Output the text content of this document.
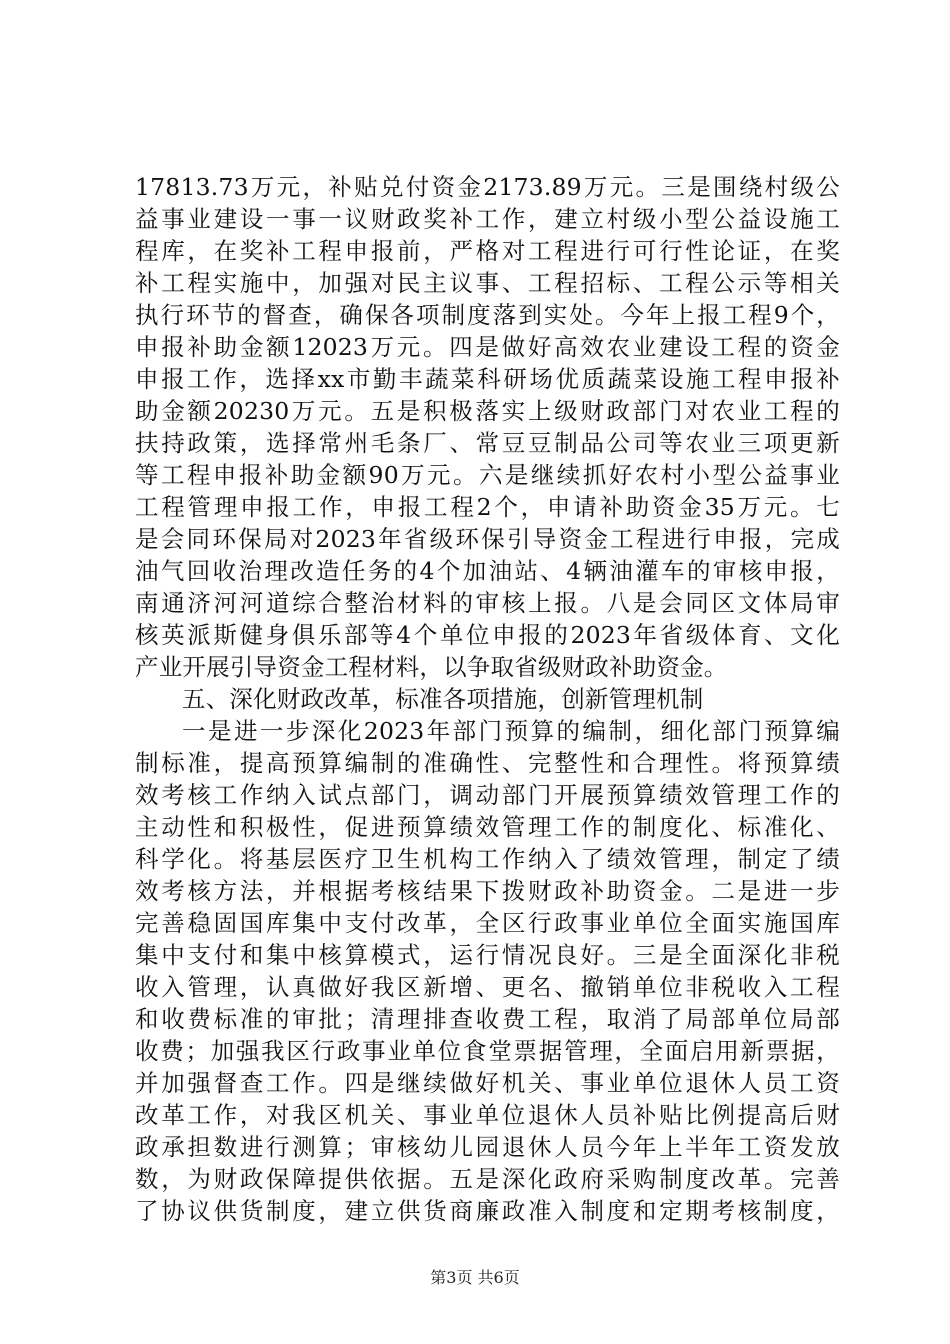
17813.73万元，补贴兑付资金2173.89万元。三是围绕村级公
益事业建设一事一议财政奖补工作，建立村级小型公益设施工
程库，在奖补工程申报前，严格对工程进行可行性论证，在奖
补工程实施中，加强对民主议事、工程招标、工程公示等相关
执行环节的督查，确保各项制度落到实处。今年上报工程9个，
申报补助金额12023万元。四是做好高效农业建设工程的资金
申报工作，选择xx市勤丰蔬菜科研场优质蔬菜设施工程申报补
助金额20230万元。五是积极落实上级财政部门对农业工程的
扶持政策，选择常州毛条厂、常豆豆制品公司等农业三项更新
等工程申报补助金额90万元。六是继续抓好农村小型公益事业
工程管理申报工作，申报工程2个，申请补助资金35万元。七
是会同环保局对2023年省级环保引导资金工程进行申报，完成
油气回收治理改造任务的4个加油站、4辆油灌车的审核申报，
南通济河河道综合整治材料的审核上报。八是会同区文体局审
核英派斯健身俱乐部等4个单位申报的2023年省级体育、文化
产业开展引导资金工程材料，以争取省级财政补助资金。
五、深化财政改革，标准各项措施，创新管理机制
一是进一步深化2023年部门预算的编制，细化部门预算编
制标准，提高预算编制的准确性、完整性和合理性。将预算绩
效考核工作纳入试点部门，调动部门开展预算绩效管理工作的
主动性和积极性，促进预算绩效管理工作的制度化、标准化、
科学化。将基层医疗卫生机构工作纳入了绩效管理，制定了绩
效考核方法，并根据考核结果下拨财政补助资金。二是进一步
完善稳固国库集中支付改革，全区行政事业单位全面实施国库
集中支付和集中核算模式，运行情况良好。三是全面深化非税
收入管理，认真做好我区新增、更名、撤销单位非税收入工程
和收费标准的审批；清理排查收费工程，取消了局部单位局部
收费；加强我区行政事业单位食堂票据管理，全面启用新票据，
并加强督查工作。四是继续做好机关、事业单位退休人员工资
改革工作，对我区机关、事业单位退休人员补贴比例提高后财
政承担数进行测算；审核幼儿园退休人员今年上半年工资发放
数，为财政保障提供依据。五是深化政府采购制度改革。完善
了协议供货制度，建立供货商廉政准入制度和定期考核制度，
第3页 共6页
